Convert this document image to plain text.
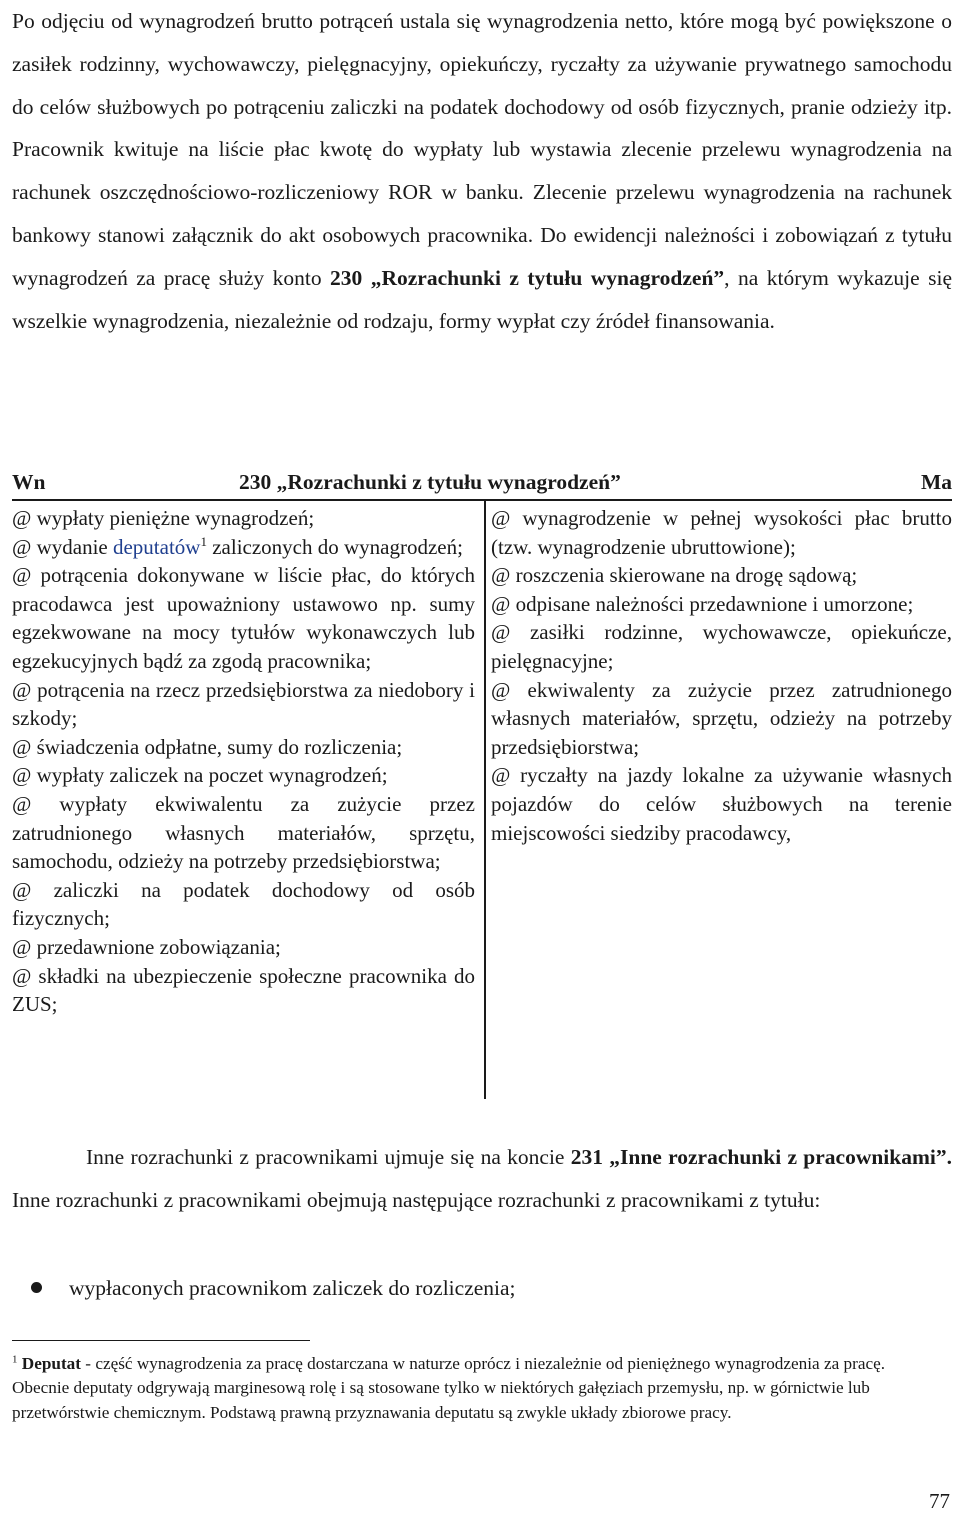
Po odjęciu od wynagrodzeń brutto potrąceń ustala się wynagrodzenia netto, które mogą być powiększone o zasiłek rodzinny, wychowawczy, pielęgnacyjny, opiekuńczy, ryczałty za używanie prywatnego samochodu do celów służbowych po potrąceniu zaliczki na podatek dochodowy od osób fizycznych, pranie odzieży itp. Pracownik kwituje na liście płac kwotę do wypłaty lub wystawia zlecenie przelewu wynagrodzenia na rachunek oszczędnościowo-rozliczeniowy ROR w banku. Zlecenie przelewu wynagrodzenia na rachunek bankowy stanowi załącznik do akt osobowych pracownika. Do ewidencji należności i zobowiązań z tytułu wynagrodzeń za pracę służy konto 230 „Rozrachunki z tytułu wynagrodzeń”, na którym wykazuje się wszelkie wynagrodzenia, niezależnie od rodzaju, formy wypłat czy źródeł finansowania.

Wn	230 „Rozrachunki z tytułu wynagrodzeń”	Ma

@ wypłaty pieniężne wynagrodzeń;

@ wydanie deputatów$^1$ zaliczonych do wynagrodzeń;

@ potrącenia dokonywane w liście płac, do których pracodawca jest upoważniony ustawowo np. sumy egzekwowane na mocy tytułów wykonawczych lub egzekucyjnych bądź za zgodą pracownika;

@ potrącenia na rzecz przedsiębiorstwa za niedobory i szkody;

@ świadczenia odpłatne, sumy do rozliczenia;

@ wypłaty zaliczek na poczet wynagrodzeń;

@ wypłaty ekwiwalentu za zużycie przez zatrudnionego własnych materiałów, sprzętu, samochodu, odzieży na potrzeby przedsiębiorstwa;

@ zaliczki na podatek dochodowy od osób fizycznych;

@ przedawnione zobowiązania;

@ składki na ubezpieczenie społeczne pracownika do ZUS;

@ wynagrodzenie w pełnej wysokości płac brutto (tzw. wynagrodzenie ubruttowione);

@ roszczenia skierowane na drogę sądową;

@ odpisane należności przedawnione i umorzone;

@ zasiłki rodzinne, wychowawcze, opiekuńcze, pielęgnacyjne;

@ ekwiwalenty za zużycie przez zatrudnionego własnych materiałów, sprzętu, odzieży na potrzeby przedsiębiorstwa;

@ ryczałty na jazdy lokalne za używanie własnych pojazdów do celów służbowych na terenie miejscowości siedziby pracodawcy,

Inne rozrachunki z pracownikami ujmuje się na koncie 231 „Inne rozrachunki z pracownikami”. Inne rozrachunki z pracownikami obejmują następujące rozrachunki z pracownikami z tytułu:

wypłaconych pracownikom zaliczek do rozliczenia;
$^1$ Deputat - część wynagrodzenia za pracę dostarczana w naturze oprócz i niezależnie od pieniężnego wynagrodzenia za pracę. Obecnie deputaty odgrywają marginesową rolę i są stosowane tylko w niektórych gałęziach przemysłu, np. w górnictwie lub przetwórstwie chemicznym. Podstawą prawną przyznawania deputatu są zwykle układy zbiorowe pracy.
77
